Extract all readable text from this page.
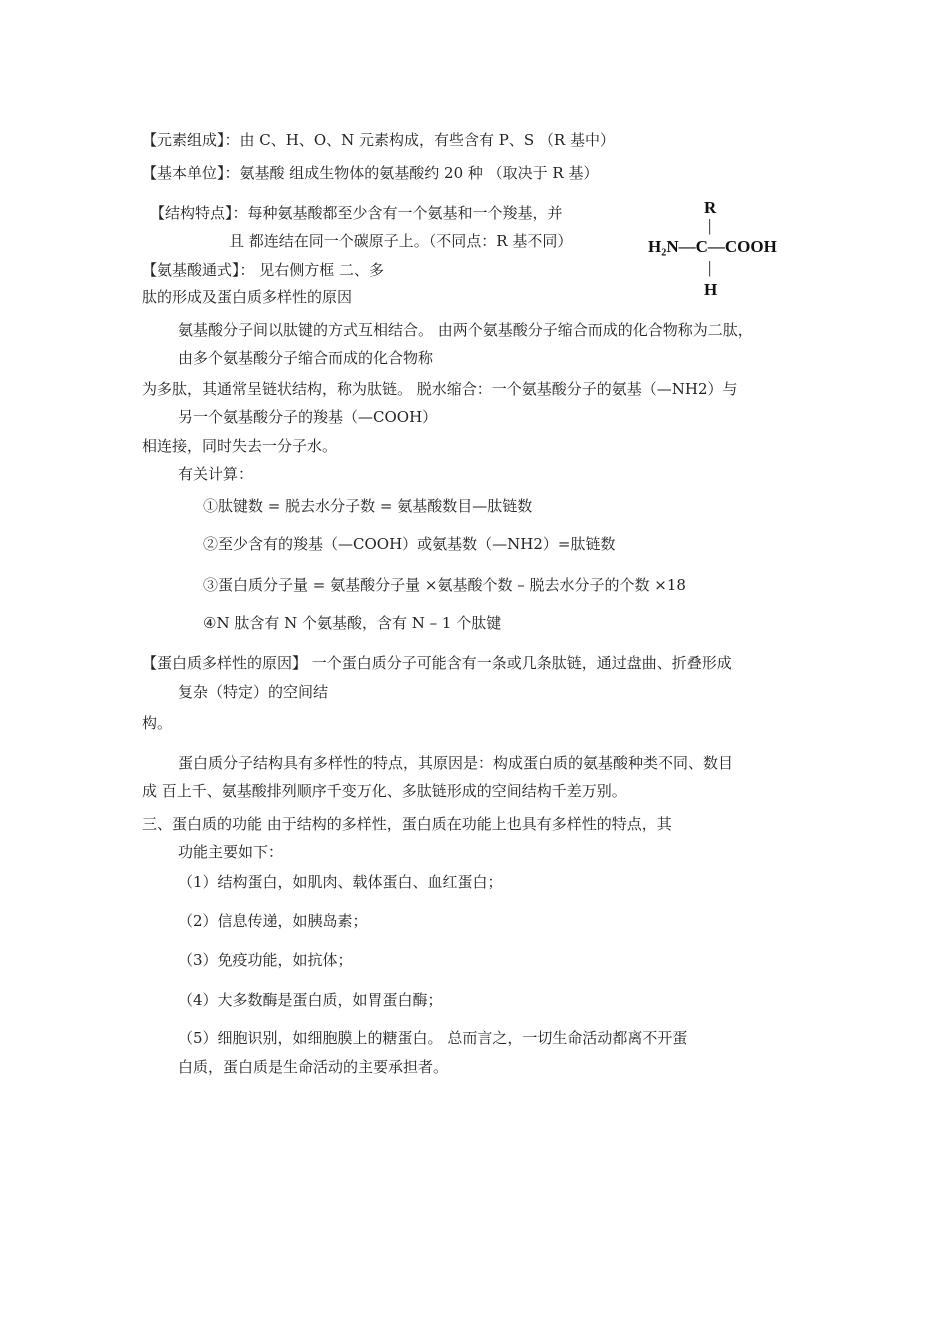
【元素组成】：由 C、H、O、N 元素构成，有些含有 P、S （R 基中）
【基本单位】：氨基酸 组成生物体的氨基酸约 20 种 （取决于 R 基）
【结构特点】：每种氨基酸都至少含有一个氨基和一个羧基，并
且 都连结在同一个碳原子上。（不同点：R 基不同）
【氨基酸通式】： 见右侧方框 二、多
肽的形成及蛋白质多样性的原因
氨基酸分子间以肽键的方式互相结合。 由两个氨基酸分子缩合而成的化合物称为二肽，
由多个氨基酸分子缩合而成的化合物称
为多肽，其通常呈链状结构，称为肽链。 脱水缩合：一个氨基酸分子的氨基（—NH2）与
另一个氨基酸分子的羧基（—COOH）
相连接，同时失去一分子水。
有关计算：
①肽键数 = 脱去水分子数 = 氨基酸数目—肽链数
②至少含有的羧基（—COOH）或氨基数（—NH2）=肽链数
③蛋白质分子量 = 氨基酸分子量 ×氨基酸个数 – 脱去水分子的个数 ×18
④N 肽含有 N 个氨基酸，含有 N – 1 个肽键
【蛋白质多样性的原因】 一个蛋白质分子可能含有一条或几条肽链，通过盘曲、折叠形成
复杂（特定）的空间结
构。
蛋白质分子结构具有多样性的特点，其原因是：构成蛋白质的氨基酸种类不同、数目
成 百上千、氨基酸排列顺序千变万化、多肽链形成的空间结构千差万别。
三、蛋白质的功能 由于结构的多样性，蛋白质在功能上也具有多样性的特点，其
功能主要如下：
（1）结构蛋白，如肌肉、载体蛋白、血红蛋白；
（2）信息传递，如胰岛素；
（3）免疫功能，如抗体；
（4）大多数酶是蛋白质，如胃蛋白酶；
（5）细胞识别，如细胞膜上的糖蛋白。 总而言之，一切生命活动都离不开蛋
白质，蛋白质是生命活动的主要承担者。
R
|
H₂N—C—COOH
|
H
